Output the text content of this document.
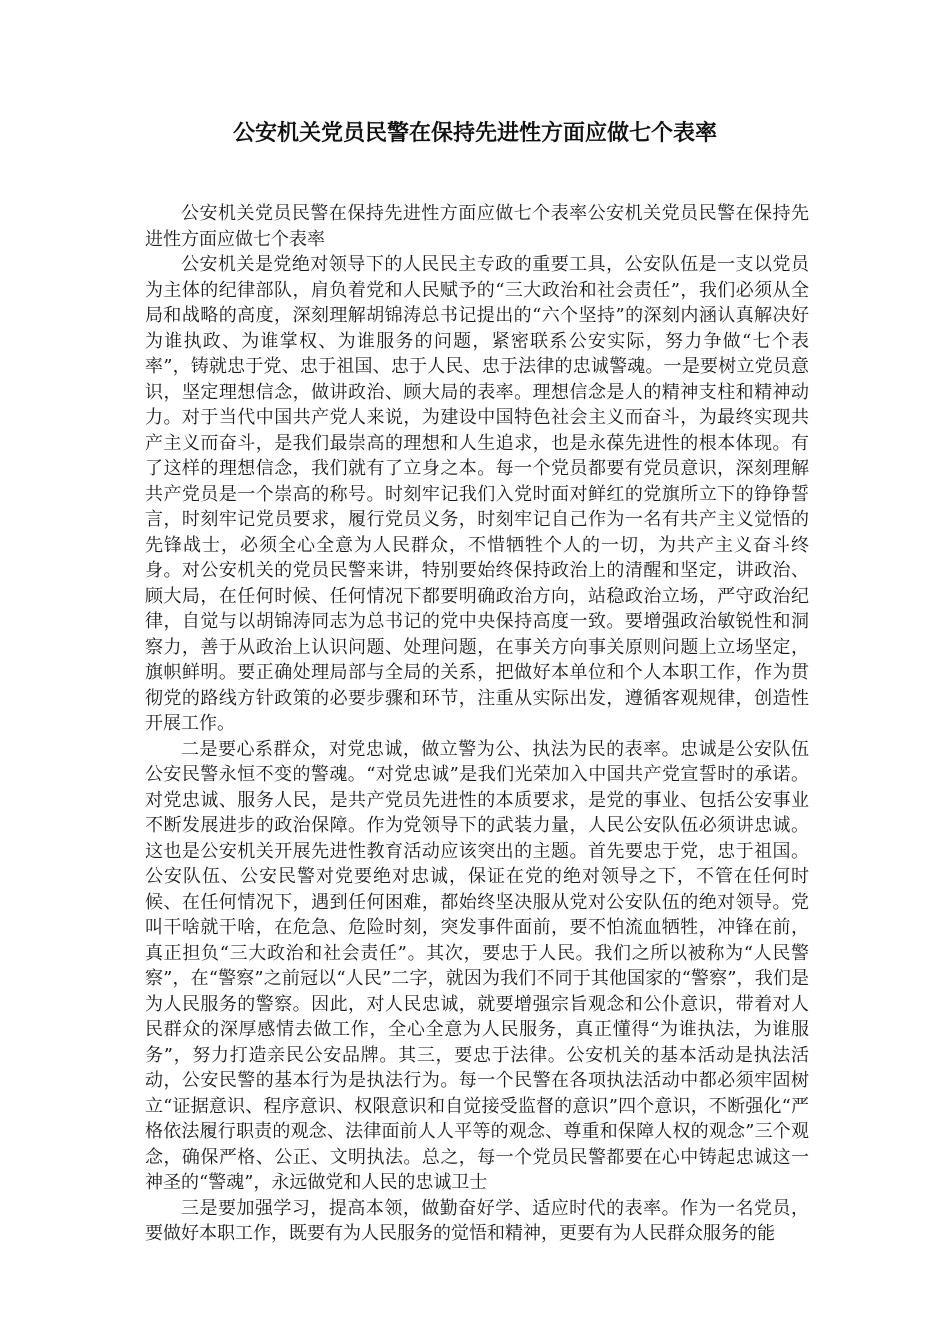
公安机关党员民警在保持先进性方面应做七个表率

公安机关党员民警在保持先进性方面应做七个表率公安机关党员民警在保持先进性方面应做七个表率

公安机关是党绝对领导下的人民民主专政的重要工具，公安队伍是一支以党员为主体的纪律部队，肩负着党和人民赋予的“三大政治和社会责任”，我们必须从全局和战略的高度，深刻理解胡锦涛总书记提出的“六个坚持”的深刻内涵认真解决好为谁执政、为谁掌权、为谁服务的问题，紧密联系公安实际，努力争做“七个表率”，铸就忠于党、忠于祖国、忠于人民、忠于法律的忠诚警魂。一是要树立党员意识，坚定理想信念，做讲政治、顾大局的表率。理想信念是人的精神支柱和精神动力。对于当代中国共产党人来说，为建设中国特色社会主义而奋斗，为最终实现共产主义而奋斗，是我们最崇高的理想和人生追求，也是永葆先进性的根本体现。有了这样的理想信念，我们就有了立身之本。每一个党员都要有党员意识，深刻理解共产党员是一个崇高的称号。时刻牢记我们入党时面对鲜红的党旗所立下的铮铮誓言，时刻牢记党员要求，履行党员义务，时刻牢记自己作为一名有共产主义觉悟的先锋战士，必须全心全意为人民群众，不惜牺牲个人的一切，为共产主义奋斗终身。对公安机关的党员民警来讲，特别要始终保持政治上的清醒和坚定，讲政治、顾大局，在任何时候、任何情况下都要明确政治方向，站稳政治立场，严守政治纪律，自觉与以胡锦涛同志为总书记的党中央保持高度一致。要增强政治敏锐性和洞察力，善于从政治上认识问题、处理问题，在事关方向事关原则问题上立场坚定，旗帜鲜明。要正确处理局部与全局的关系，把做好本单位和个人本职工作，作为贯彻党的路线方针政策的必要步骤和环节，注重从实际出发，遵循客观规律，创造性开展工作。

二是要心系群众，对党忠诚，做立警为公、执法为民的表率。忠诚是公安队伍公安民警永恒不变的警魂。“对党忠诚”是我们光荣加入中国共产党宣誓时的承诺。对党忠诚、服务人民，是共产党员先进性的本质要求，是党的事业、包括公安事业不断发展进步的政治保障。作为党领导下的武装力量，人民公安队伍必须讲忠诚。这也是公安机关开展先进性教育活动应该突出的主题。首先要忠于党，忠于祖国。公安队伍、公安民警对党要绝对忠诚，保证在党的绝对领导之下，不管在任何时候、在任何情况下，遇到任何困难，都始终坚决服从党对公安队伍的绝对领导。党叫干啥就干啥，在危急、危险时刻，突发事件面前，要不怕流血牺牲，冲锋在前，真正担负“三大政治和社会责任”。其次，要忠于人民。我们之所以被称为“人民警察”，在“警察”之前冠以“人民”二字，就因为我们不同于其他国家的“警察”，我们是为人民服务的警察。因此，对人民忠诚，就要增强宗旨观念和公仆意识，带着对人民群众的深厚感情去做工作，全心全意为人民服务，真正懂得“为谁执法，为谁服务”，努力打造亲民公安品牌。其三，要忠于法律。公安机关的基本活动是执法活动，公安民警的基本行为是执法行为。每一个民警在各项执法活动中都必须牢固树立“证据意识、程序意识、权限意识和自觉接受监督的意识”四个意识，不断强化“严格依法履行职责的观念、法律面前人人平等的观念、尊重和保障人权的观念”三个观念，确保严格、公正、文明执法。总之，每一个党员民警都要在心中铸起忠诚这一神圣的“警魂”，永远做党和人民的忠诚卫士

三是要加强学习，提高本领，做勤奋好学、适应时代的表率。作为一名党员，要做好本职工作，既要有为人民服务的觉悟和精神，更要有为人民群众服务的能
